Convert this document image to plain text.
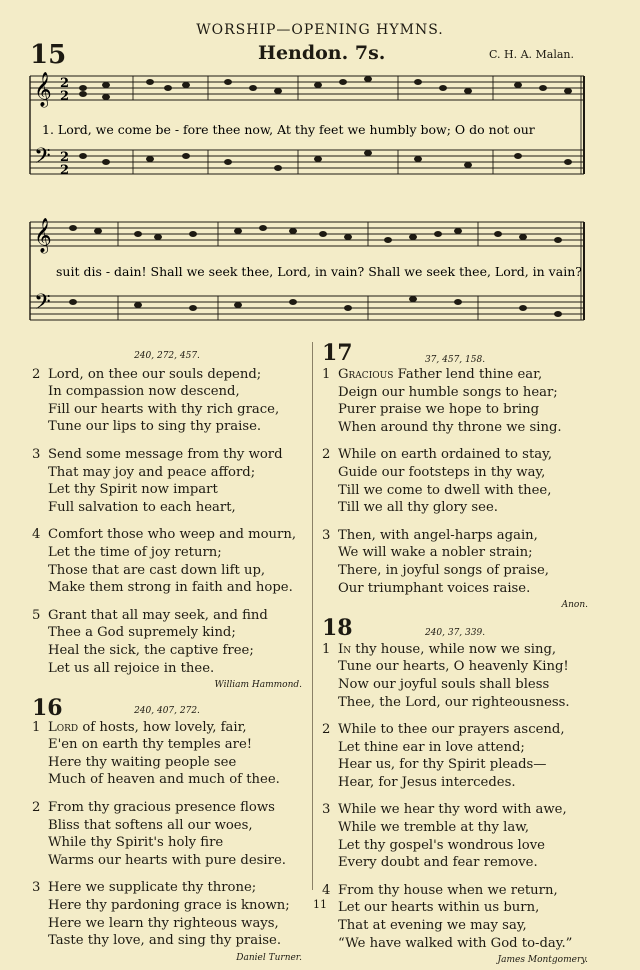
WORSHIP—OPENING HYMNS.
15	Hendon. 7s.	C. H. A. Malan.
𝄞
𝄢
2
2
2
2
1. Lord, we come be - fore thee now, At thy feet we humbly bow; O do not our
𝄞
𝄢
suit dis - dain! Shall we seek thee, Lord, in vain? Shall we seek thee, Lord, in vain?
240, 272, 457.
2 Lord, on thee our souls depend;
In compassion now descend,
Fill our hearts with thy rich grace,
Tune our lips to sing thy praise.
3 Send some message from thy word
That may joy and peace afford;
Let thy Spirit now impart
Full salvation to each heart,
4 Comfort those who weep and mourn,
Let the time of joy return;
Those that are cast down lift up,
Make them strong in faith and hope.
5 Grant that all may seek, and find
Thee a God supremely kind;
Heal the sick, the captive free;
Let us all rejoice in thee.
William Hammond.
16	240, 407, 272.
1 Lord of hosts, how lovely, fair,
E'en on earth thy temples are!
Here thy waiting people see
Much of heaven and much of thee.
2 From thy gracious presence flows
Bliss that softens all our woes,
While thy Spirit's holy fire
Warms our hearts with pure desire.
3 Here we supplicate thy throne;
Here thy pardoning grace is known;
Here we learn thy righteous ways,
Taste thy love, and sing thy praise.
Daniel Turner.
17	37, 457, 158.
1 Gracious Father lend thine ear,
Deign our humble songs to hear;
Purer praise we hope to bring
When around thy throne we sing.
2 While on earth ordained to stay,
Guide our footsteps in thy way,
Till we come to dwell with thee,
Till we all thy glory see.
3 Then, with angel-harps again,
We will wake a nobler strain;
There, in joyful songs of praise,
Our triumphant voices raise.
Anon.
18	240, 37, 339.
1 In thy house, while now we sing,
Tune our hearts, O heavenly King!
Now our joyful souls shall bless
Thee, the Lord, our righteousness.
2 While to thee our prayers ascend,
Let thine ear in love attend;
Hear us, for thy Spirit pleads—
Hear, for Jesus intercedes.
3 While we hear thy word with awe,
While we tremble at thy law,
Let thy gospel's wondrous love
Every doubt and fear remove.
4 From thy house when we return,
Let our hearts within us burn,
That at evening we may say,
“We have walked with God to-day.”
James Montgomery.
11
